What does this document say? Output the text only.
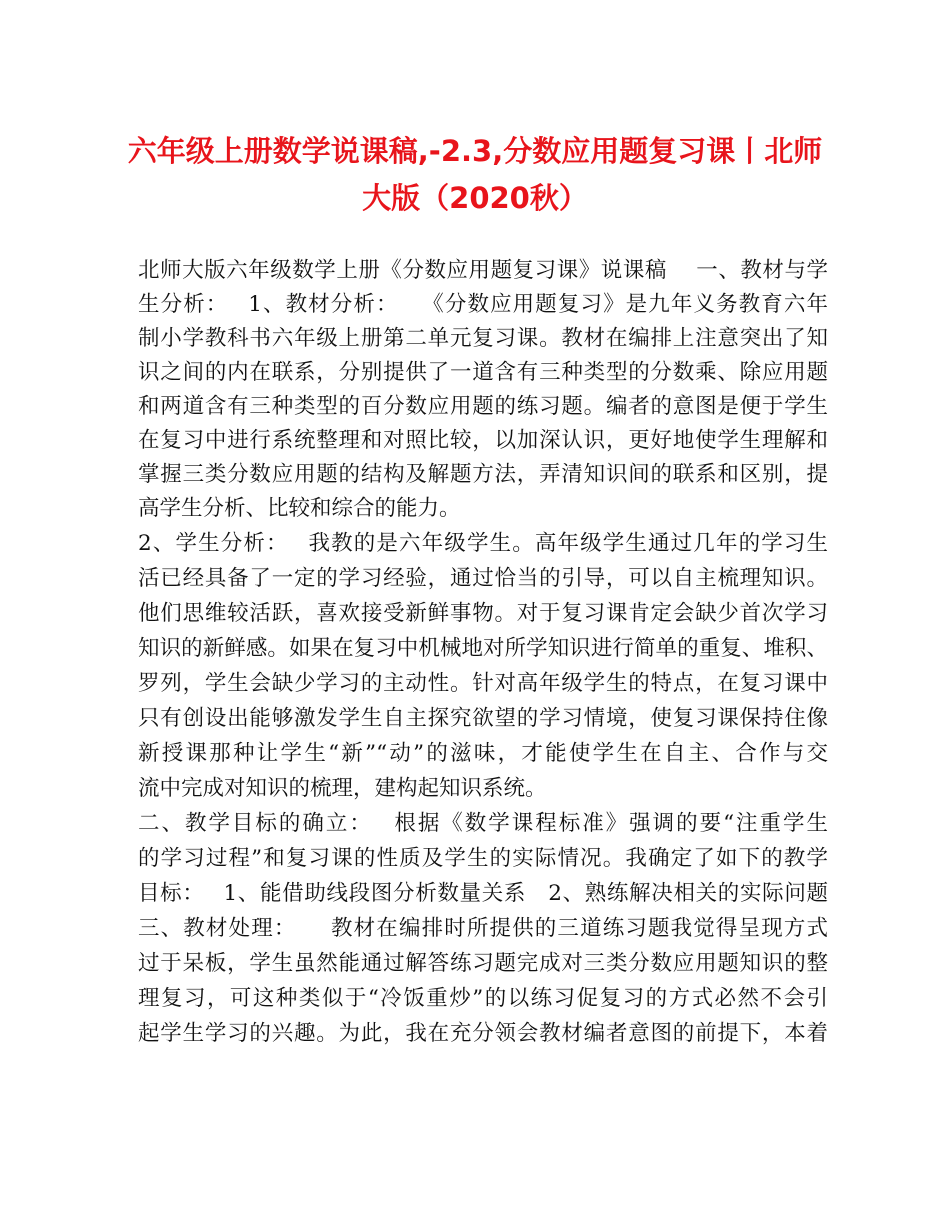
六年级上册数学说课稿,-2.3,分数应用题复习课丨北师
大版（2020秋）
北师大版六年级数学上册《分数应用题复习课》说课稿　 一、教材与学
生分析：　 1、教材分析：　　《分数应用题复习》是九年义务教育六年
制小学教科书六年级上册第二单元复习课。教材在编排上注意突出了知
识之间的内在联系，分别提供了一道含有三种类型的分数乘、除应用题
和两道含有三种类型的百分数应用题的练习题。编者的意图是便于学生
在复习中进行系统整理和对照比较，以加深认识，更好地使学生理解和
掌握三类分数应用题的结构及解题方法，弄清知识间的联系和区别，提
高学生分析、比较和综合的能力。
2、学生分析：　 我教的是六年级学生。高年级学生通过几年的学习生
活已经具备了一定的学习经验，通过恰当的引导，可以自主梳理知识。
他们思维较活跃，喜欢接受新鲜事物。对于复习课肯定会缺少首次学习
知识的新鲜感。如果在复习中机械地对所学知识进行简单的重复、堆积、
罗列，学生会缺少学习的主动性。针对高年级学生的特点，在复习课中
只有创设出能够激发学生自主探究欲望的学习情境，使复习课保持住像
新授课那种让学生“新”“动”的滋味，才能使学生在自主、合作与交
流中完成对知识的梳理，建构起知识系统。
二、教学目标的确立：　 根据《数学课程标准》强调的要“注重学生
的学习过程”和复习课的性质及学生的实际情况。我确定了如下的教学
目标：　 1、能借助线段图分析数量关系　2、熟练解决相关的实际问题
三、教材处理：　　教材在编排时所提供的三道练习题我觉得呈现方式
过于呆板，学生虽然能通过解答练习题完成对三类分数应用题知识的整
理复习，可这种类似于“冷饭重炒”的以练习促复习的方式必然不会引
起学生学习的兴趣。为此，我在充分领会教材编者意图的前提下，本着
